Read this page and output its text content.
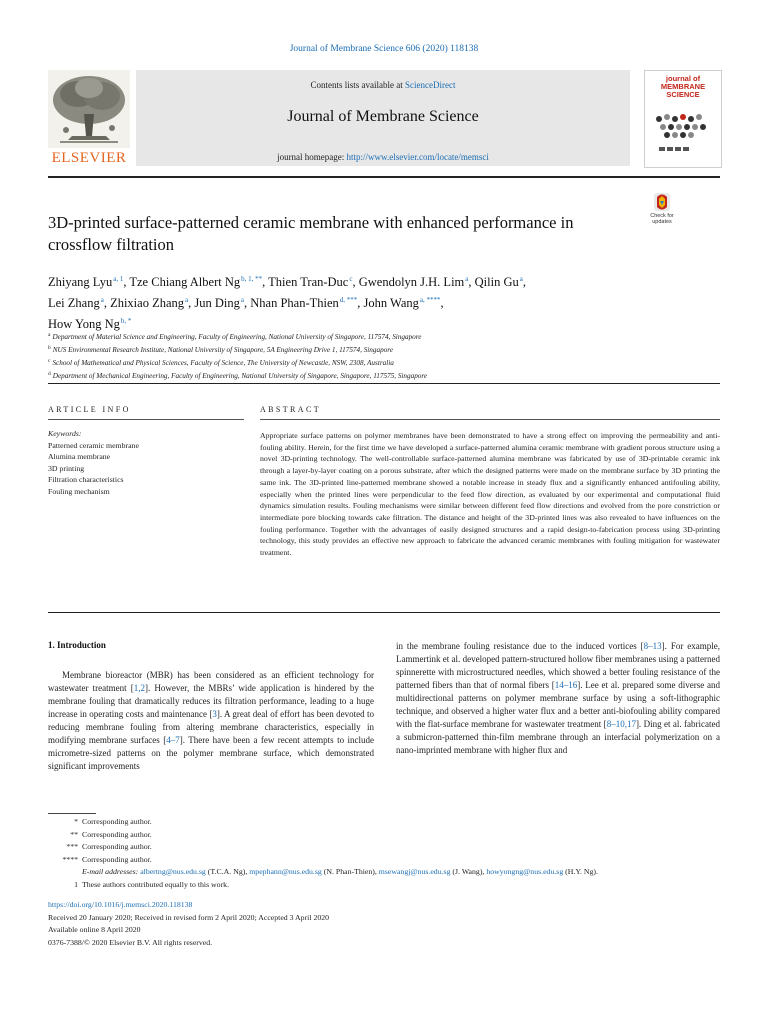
Journal of Membrane Science 606 (2020) 118138
ELSEVIER
Contents lists available at ScienceDirect
Journal of Membrane Science
journal homepage: http://www.elsevier.com/locate/memsci
journal of
MEMBRANE
SCIENCE
3D-printed surface-patterned ceramic membrane with enhanced performance in crossflow filtration
Check for
updates
Zhiyang Lyu$^{a, 1}$, Tze Chiang Albert $Ng^{b, 1, **}$, Thien Tran-Duc$^c$, Gwendolyn J.H. Lim$^a$, Qilin Gu$^a$,
Lei Zhang$^a$, Zhixiao Zhang$^a$, Jun Ding$^a$, Nhan Phan-Thien$^{d, ***}$, John Wang$^{a, ****}$,
How Yong $Ng^{b, *}$
$^a$ Department of Material Science and Engineering, Faculty of Engineering, National University of Singapore, 117574, Singapore
$^b$ NUS Environmental Research Institute, National University of Singapore, 5A Engineering Drive 1, 117574, Singapore
$^c$ School of Mathematical and Physical Sciences, Faculty of Science, The University of Newcastle, NSW, 2308, Australia
$^d$ Department of Mechanical Engineering, Faculty of Engineering, National University of Singapore, Singapore, 117575, Singapore
ARTICLE INFO	ABSTRACT
Keywords:
Patterned ceramic membrane
Alumina membrane
3D printing
Filtration characteristics
Fouling mechanism
Appropriate surface patterns on polymer membranes have been demonstrated to have a strong effect on improving the permeability and anti-fouling ability. Herein, for the first time we have developed a surface-patterned alumina ceramic membrane with gradient porous structure using a novel 3D-printing technology. The well-controllable surface-patterned alumina membrane was fabricated by use of 3D-printable ceramic ink through a layer-by-layer coating on a porous substrate, after which the designed patterns were made on the membrane surface by 3D printing the same ink. The 3D-printed line-patterned membrane showed a notable increase in steady flux and a significantly enhanced antifouling ability, especially when the printed lines were perpendicular to the feed flow direction, as evaluated by our experimental and computational fluid dynamics simulation results. Fouling mechanisms were similar between different feed flow directions and evolved from the pore constriction or intermediate pore blocking towards cake filtration. The distance and height of the 3D-printed lines was also revealed to have influences on the fouling performance. Together with the advantages of easily designed structures and a rapid design-to-fabrication process using 3D-printing technology, this study provides an effective new approach to fabricate the advanced ceramic membranes with fouling mitigation for wastewater treatment.
1. Introduction
Membrane bioreactor (MBR) has been considered as an efficient technology for wastewater treatment [1,2]. However, the MBRs’ wide application is hindered by the membrane fouling that dramatically reduces its filtration performance, leading to a huge increase in operating costs and maintenance [3]. A great deal of effort has been devoted to reducing membrane fouling from altering membrane characteristics, especially in modifying membrane surfaces [4–7]. There have been a few recent attempts to include micrometre-sized patterns on the polymer membrane surface, which demonstrated significant improvements
in the membrane fouling resistance due to the induced vortices [8–13]. For example, Lammertink et al. developed pattern-structured hollow fiber membranes using a patterned spinnerette with microstructured needles, which showed a better fouling resistance of the patterned fibers than that of normal fibers [14–16]. Lee et al. prepared some diverse and multidirectional patterns on polymer membrane surface by using a soft-lithographic technique, and observed a higher water flux and a better anti-biofouling ability compared with the flat-surface membrane for wastewater treatment [8–10,17]. Ding et al. fabricated a submicron-patterned thin-film membrane through an interfacial polymerization on a nano-imprinted membrane with higher flux and
* Corresponding author.
** Corresponding author.
*** Corresponding author.
**** Corresponding author.
E-mail addresses: albertng@nus.edu.sg (T.C.A. Ng), mpephann@nus.edu.sg (N. Phan-Thien), msewangj@nus.edu.sg (J. Wang), howyongng@nus.edu.sg (H.Y. Ng).
1 These authors contributed equally to this work.
https://doi.org/10.1016/j.memsci.2020.118138
Received 20 January 2020; Received in revised form 2 April 2020; Accepted 3 April 2020
Available online 8 April 2020
0376-7388/© 2020 Elsevier B.V. All rights reserved.
